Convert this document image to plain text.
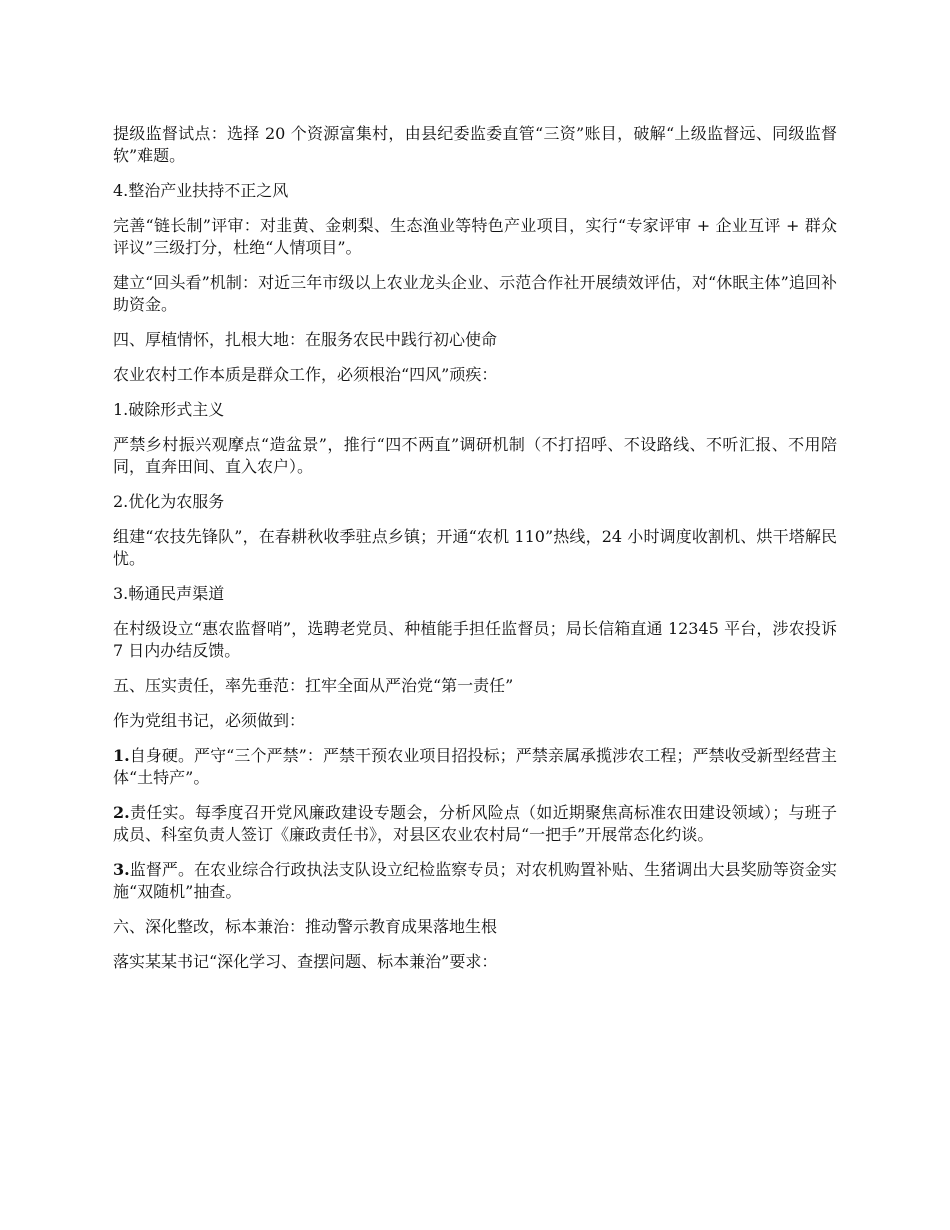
提级监督试点：选择 20 个资源富集村，由县纪委监委直管“三资”账目，破解“上级监督远、同级监督软”难题。

4.整治产业扶持不正之风

完善“链长制”评审：对韭黄、金刺梨、生态渔业等特色产业项目，实行“专家评审 + 企业互评 + 群众评议”三级打分，杜绝“人情项目”。

建立“回头看”机制：对近三年市级以上农业龙头企业、示范合作社开展绩效评估，对“休眠主体”追回补助资金。

四、厚植情怀，扎根大地：在服务农民中践行初心使命

农业农村工作本质是群众工作，必须根治“四风”顽疾：

1.破除形式主义

严禁乡村振兴观摩点“造盆景”，推行“四不两直”调研机制（不打招呼、不设路线、不听汇报、不用陪同，直奔田间、直入农户）。

2.优化为农服务

组建“农技先锋队”，在春耕秋收季驻点乡镇；开通“农机 110”热线，24 小时调度收割机、烘干塔解民忧。

3.畅通民声渠道

在村级设立“惠农监督哨”，选聘老党员、种植能手担任监督员；局长信箱直通 12345 平台，涉农投诉 7 日内办结反馈。

五、压实责任，率先垂范：扛牢全面从严治党“第一责任”

作为党组书记，必须做到：

1.自身硬。严守“三个严禁”：严禁干预农业项目招投标；严禁亲属承揽涉农工程；严禁收受新型经营主体“土特产”。

2.责任实。每季度召开党风廉政建设专题会，分析风险点（如近期聚焦高标准农田建设领域）；与班子成员、科室负责人签订《廉政责任书》，对县区农业农村局“一把手”开展常态化约谈。

3.监督严。在农业综合行政执法支队设立纪检监察专员；对农机购置补贴、生猪调出大县奖励等资金实施“双随机”抽查。

六、深化整改，标本兼治：推动警示教育成果落地生根

落实某某书记“深化学习、查摆问题、标本兼治”要求：
